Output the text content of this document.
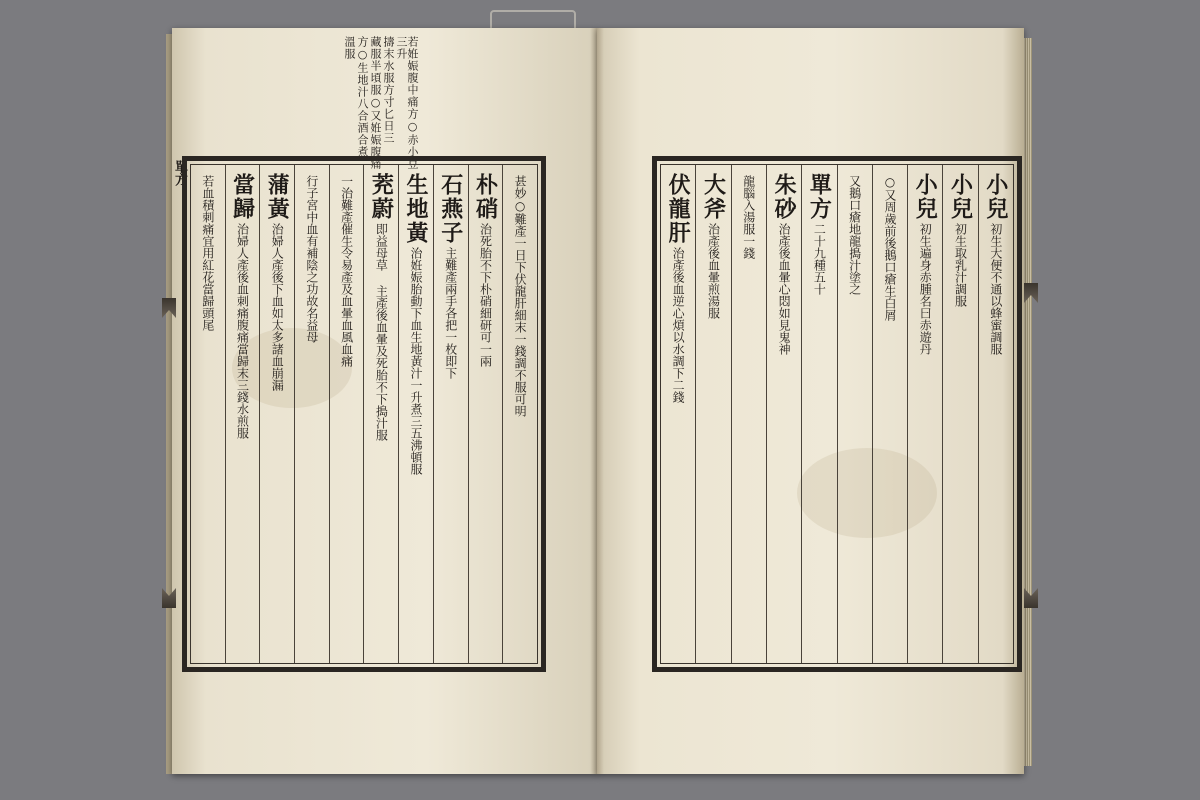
若姙娠腹中痛方○赤小豆三升
擣末水服方寸匕日三
藏服半頃服○又姙娠腹痛
方○生地汁八合酒合煮
溫服
單方
甚妙○難產一日下伏龍肝細末一錢調不服可明
朴硝
治死胎不下朴硝細研可一兩
石燕子
主難產兩手各把一枚即下
生地黃
治姙娠胎動下血生地黃汁一升煮三五沸頓服
茺蔚
即益母草 主產後血暈及死胎不下搗汁服
一治難產催生令易產及血暈血風血痛
行子宮中血有補陰之功故名益母
蒲黃
治婦人產後下血如太多諸血崩漏
當歸
治婦人產後血刺痛腹痛當歸末三錢水煎服
若血積刺痛宜用紅花當歸頭尾	小兒
初生大便不通以蜂蜜調服
小兒
初生取乳汁調服
小兒
初生遍身赤腫名曰赤遊丹
○又周歲前後鵝口瘡生白屑
又鵝口瘡地龍搗汁塗之
單方
二十九種五十
朱砂
治產後血暈心悶如見鬼神
龍腦入湯服一錢
大斧
治產後血暈煎湯服
伏龍肝
治產後血逆心煩以水調下二錢
